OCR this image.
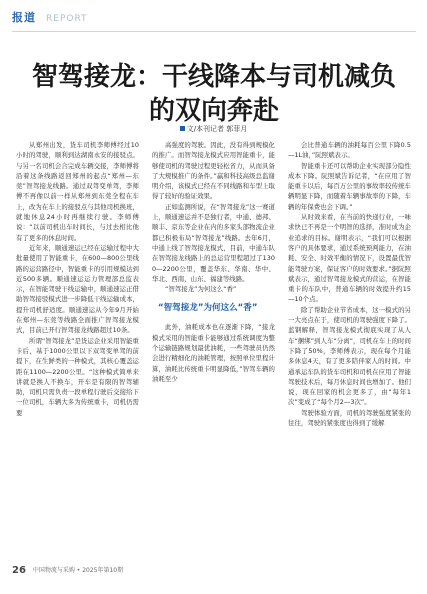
报道 REPORT
智驾接龙：干线降本与司机减负
的双向奔赴
文/本刊记者 郭菲月

从郑州出发，货车司机李师傅经过10小时的驾驶，顺利到达湖南永安的接驳点。与另一名司机会合完成车辆交接，李师傅将沿着这条线路返回郑州的起点“郑州—东莞”智驾接龙线路。通过双驾变单驾，李师傅不再像以前一样从郑州到东莞全程在车上，改为在车上的接驳点与其他司机换班，就地休息24小时再继续行驶。李师傅说：“以前司机出车时间长，与过去相比他有了更多的休息时间。

近年来，顺通速运已经在运输过程中大批量使用了智能重卡，在600—800公里线路的运营路径中，智能重卡的引用规模达到近500多辆。顺通速运运力管理部总监表示，在智能驾驶干线运输中，顺通速运正借助智驾接驳模式进一步降低干线运输成本，提升司机舒适度。顺通速运从今年9月开始在郑州—东莞等线路全面推广智驾接龙模式，目前已开行智驾接龙线路超过10条。

所谓“智驾接龙”是货运企业采用智能重卡后，基于1000公里以下双驾变单驾的前提下，在生鲜类的一种模式，其核心覆盖运距在1100—2200公里。“这种模式简单来讲就是换人不换车，开车是有限的智驾辅助，司机只需负责一段单程行驶后交接给下一位司机，车辆大多为传统重卡，司机仍需要

高强度的驾驶。因此，没有得到规模化的推广。而智驾接龙模式应用智能重卡，能够使司机的驾驶过程更轻松省力，从而具备了大规模推广的条件。”赢和科技高级总监谢明介绍，该模式已经在不同线路和车型上取得了较好的验证效果。

正如监测所说，在“智驾接龙”这一赛道上，顺通速运并不是独行者，中通、德邦、顺丰、京东等企业在内的多家头部物流企业都已积极布局“智驾接龙”线路。去年6月，中通上线了智驾接龙模式，目前，中通车队在智驾接龙线路上的总运营里程超过了1300—2200公里，覆盖华东、华南、华中、华北、西南、山东、福建等线路。

“智驾接龙”为何这么“香”

“智驾接龙”为何这么“香”

此外，油耗成本也在逐渐下降，“接龙模式采用的智能重卡能够通过系统调度为整个运输链路规划最优油耗，一些驾驶员仍然会进行精细化的油耗管理，按照单位里程计算，油耗比传统重卡明显降低，”智驾车辆的油耗至少

会比普通车辆的油耗每百公里下降0.5—1L油，”阮照斌表示。

智能重卡还可以帮助企业实现部分隐性成本下降。阮照斌告诉记者，“在应用了智能重卡以后，每百万公里的事故率较传统车辆明显下降，而随着车辆事故率的下降，车辆的年保费也会下调。”

从时效来看，在当前的快递行业，一味求快已不再是一个明智的选择，准时成为企业追求的目标。谢明表示，“我们可以根据客户的具体要求，通过系统预判能力，在油耗、安全、时效平衡的情况下，设置最优智能驾驶方案，保证客户的时效要求。”据阮照斌表示，通过智驾接龙模式的营运，在智能重卡的车队中，普通车辆的时效提升约15—10个点。

除了帮助企业节省成本，这一模式的另一大亮点在于，使司机的驾驶强度下降了。蓝钢解释，智驾接龙模式彻底实现了从人车“捆绑”到人车“分离”，司机在车上的时间下降了50%，李师傅表示，现在每个月能多休息4天，有了更多陪伴家人的时间。中通承运车队的货车司机和司机在应用了智能驾驶技术后，每月休息时间也增加了。他们说，现在回家的机会更多了，由“每年1次”变成了“每个月2—3次”。

驾驶体验方面，司机的驾驶强度紧张的往往，驾驶的紧张度也得到了缓解

26 中国物流与采购 • 2025年第10期
